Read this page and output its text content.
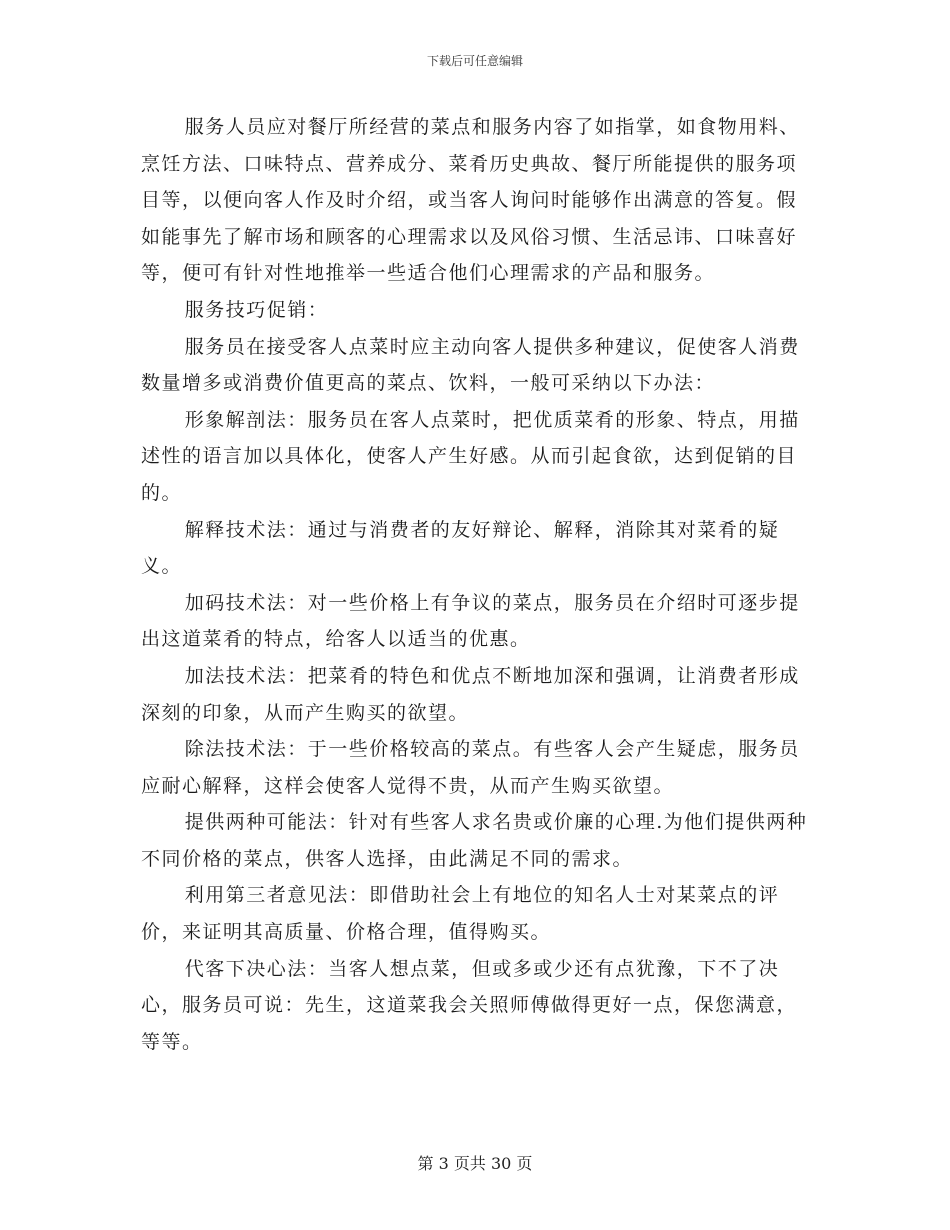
下载后可任意编辑

服务人员应对餐厅所经营的菜点和服务内容了如指掌，如食物用料、烹饪方法、口味特点、营养成分、菜肴历史典故、餐厅所能提供的服务项目等，以便向客人作及时介绍，或当客人询问时能够作出满意的答复。假如能事先了解市场和顾客的心理需求以及风俗习惯、生活忌讳、口味喜好等，便可有针对性地推举一些适合他们心理需求的产品和服务。

服务技巧促销：

服务员在接受客人点菜时应主动向客人提供多种建议，促使客人消费数量增多或消费价值更高的菜点、饮料，一般可采纳以下办法：

形象解剖法：服务员在客人点菜时，把优质菜肴的形象、特点，用描述性的语言加以具体化，使客人产生好感。从而引起食欲，达到促销的目的。

解释技术法：通过与消费者的友好辩论、解释，消除其对菜肴的疑义。

加码技术法：对一些价格上有争议的菜点，服务员在介绍时可逐步提出这道菜肴的特点，给客人以适当的优惠。

加法技术法：把菜肴的特色和优点不断地加深和强调，让消费者形成深刻的印象，从而产生购买的欲望。

除法技术法：于一些价格较高的菜点。有些客人会产生疑虑，服务员应耐心解释，这样会使客人觉得不贵，从而产生购买欲望。

提供两种可能法：针对有些客人求名贵或价廉的心理.为他们提供两种不同价格的菜点，供客人选择，由此满足不同的需求。

利用第三者意见法：即借助社会上有地位的知名人士对某菜点的评价，来证明其高质量、价格合理，值得购买。

代客下决心法：当客人想点菜，但或多或少还有点犹豫，下不了决心，服务员可说：先生，这道菜我会关照师傅做得更好一点，保您满意，等等。

第 3 页共 30 页
